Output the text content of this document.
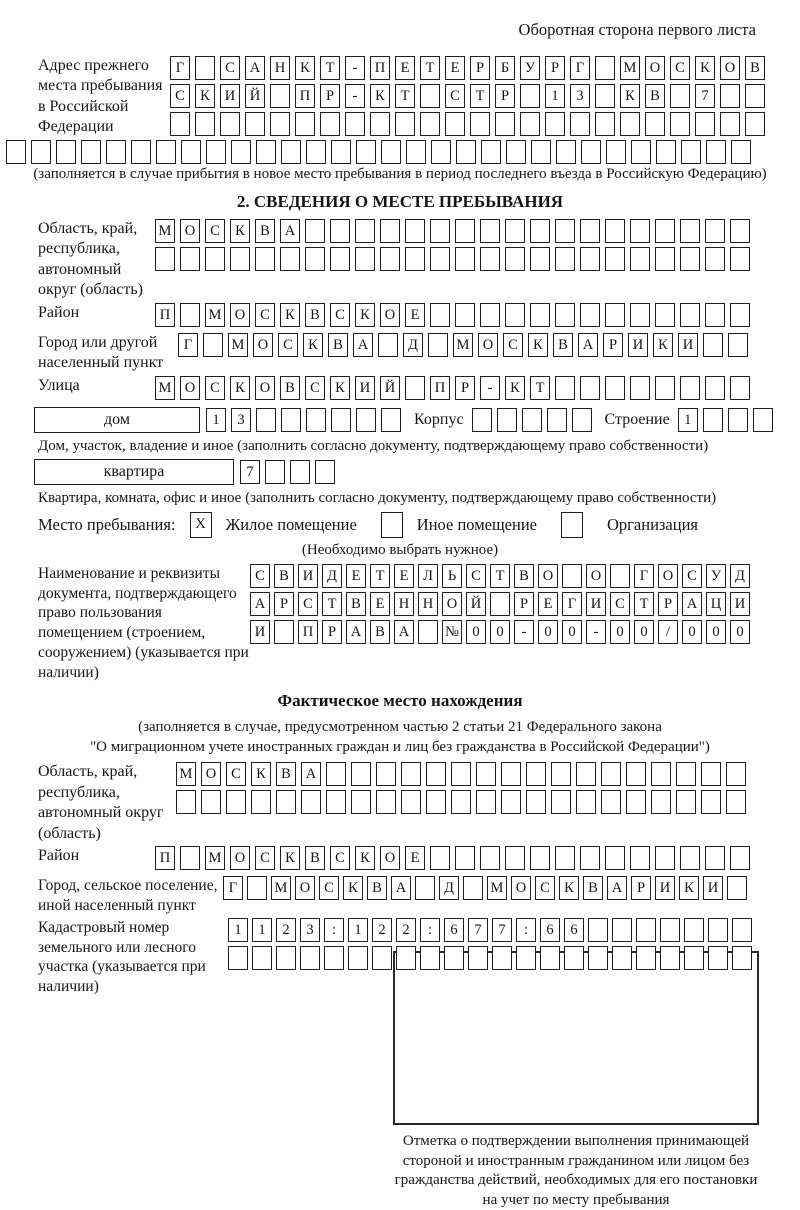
Оборотная сторона первого листа
Адрес прежнего места пребывания в Российской Федерации
Г	С	А	Н	К	Т	-	П	Е	Т	Е	Р	Б	У	Р	Г	М О	С	К	О	В
С	К	И	Й	П	Р	-	К	Т	С	Т	Р	1	3	К	В	7
(заполняется в случае прибытия в новое место пребывания в период последнего въезда в Российскую Федерацию)
2. СВЕДЕНИЯ О МЕСТЕ ПРЕБЫВАНИЯ
Область, край, республика, автономный округ (область)
М О	С	К	В	А
Район	П	М О	С	К	В	С	К	О	Е
Город или другой населенный пункт
Г	М О	С	К	В	А	Д	М О	С	К	В	А	Р	И	К	И
Улица	М О	С	К	О	В	С	К	И	Й	П	Р	-	К	Т
дом	1	3	Корпус	Строение 1
Дом, участок, владение и иное (заполнить согласно документу, подтверждающему право собственности)
квартира	7
Квартира, комната, офис и иное (заполнить согласно документу, подтверждающему право собственности)
Место пребывания:	X	Жилое помещение	Иное помещение	Организация
(Необходимо выбрать нужное)
Наименование и реквизиты документа, подтверждающего право пользования помещением (строением, сооружением) (указывается при наличии)
С В И Д	Е	Т	Е	Л	Ь	С	Т	В О	О	Г	О С У Д
А	Р	С	Т	В	Е Н Н О Й	Р	Е	Г	И С	Т	Р	А Ц И
И	П	Р	А В А	№ 0	0	-	0	0	-	0	0	/	0	0	0
Фактическое место нахождения
(заполняется в случае, предусмотренном частью 2 статьи 21 Федерального закона
"О миграционном учете иностранных граждан и лиц без гражданства в Российской Федерации")
Область, край, республика, автономный округ (область)
М О	С	К	В	А
Район	П	М О	С	К	В	С	К	О	Е
Город, сельское поселение, иной населенный пункт
Г	М О С К В А	Д	М О С К В А	Р	И К И
Кадастровый номер земельного или лесного участка (указывается при наличии)
1	1	2	3	:	1	2	2	:	6	7	7	:	6	6
Отметка о подтверждении выполнения принимающей стороной и иностранным гражданином или лицом без гражданства действий, необходимых для его постановки на учет по месту пребывания
